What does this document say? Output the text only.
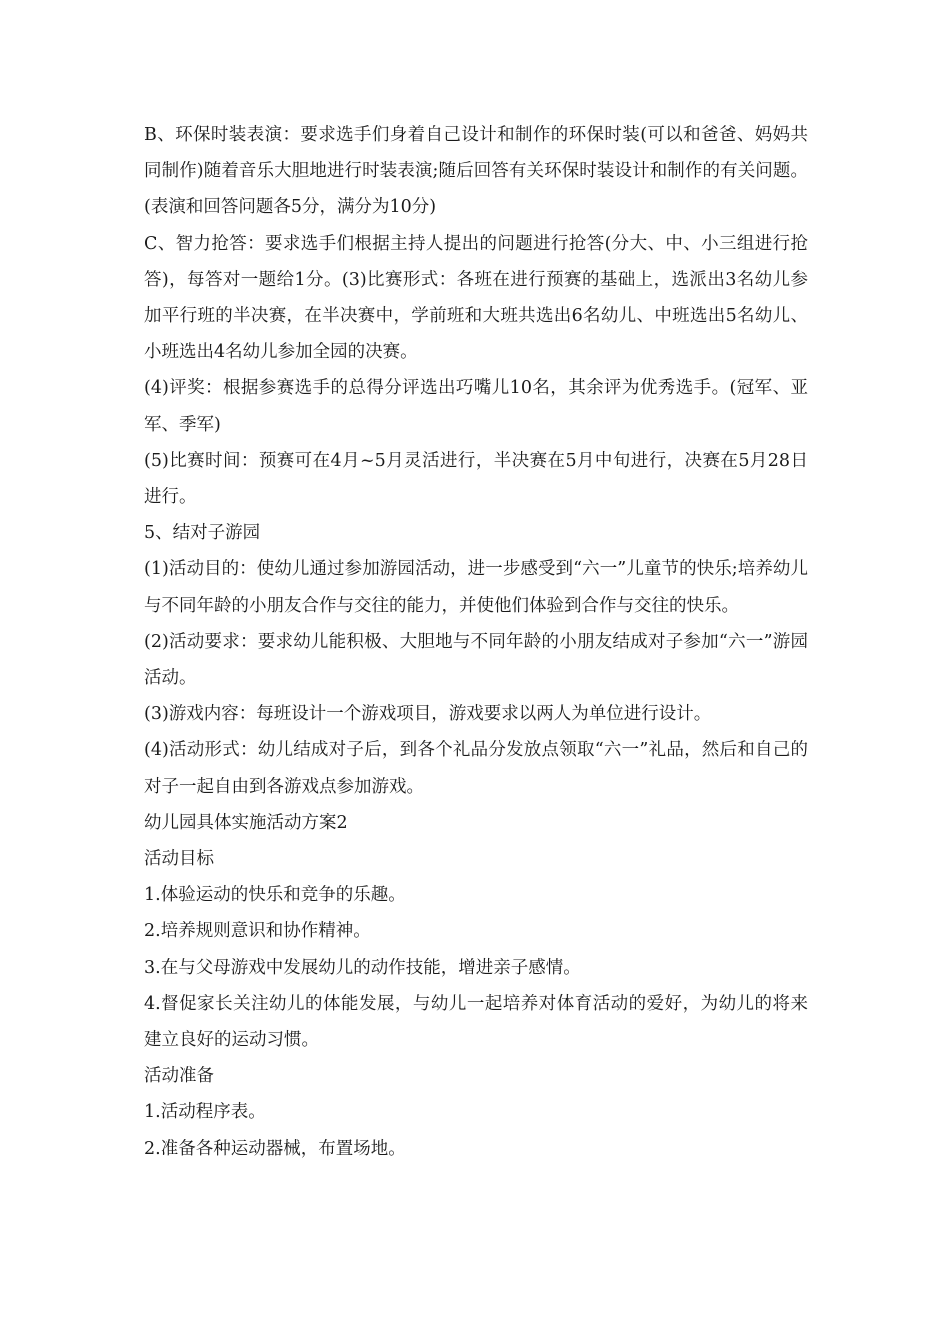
B、环保时装表演：要求选手们身着自己设计和制作的环保时装(可以和爸爸、妈妈共同制作)随着音乐大胆地进行时装表演;随后回答有关环保时装设计和制作的有关问题。(表演和回答问题各5分，满分为10分)

C、智力抢答：要求选手们根据主持人提出的问题进行抢答(分大、中、小三组进行抢答)，每答对一题给1分。(3)比赛形式：各班在进行预赛的基础上，选派出3名幼儿参加平行班的半决赛，在半决赛中，学前班和大班共选出6名幼儿、中班选出5名幼儿、小班选出4名幼儿参加全园的决赛。

(4)评奖：根据参赛选手的总得分评选出巧嘴儿10名，其余评为优秀选手。(冠军、亚军、季军)

(5)比赛时间：预赛可在4月~5月灵活进行，半决赛在5月中旬进行，决赛在5月28日进行。

5、结对子游园

(1)活动目的：使幼儿通过参加游园活动，进一步感受到“六一”儿童节的快乐;培养幼儿与不同年龄的小朋友合作与交往的能力，并使他们体验到合作与交往的快乐。

(2)活动要求：要求幼儿能积极、大胆地与不同年龄的小朋友结成对子参加“六一”游园活动。

(3)游戏内容：每班设计一个游戏项目，游戏要求以两人为单位进行设计。

(4)活动形式：幼儿结成对子后，到各个礼品分发放点领取“六一”礼品，然后和自己的对子一起自由到各游戏点参加游戏。

幼儿园具体实施活动方案2

活动目标

1.体验运动的快乐和竞争的乐趣。

2.培养规则意识和协作精神。

3.在与父母游戏中发展幼儿的动作技能，增进亲子感情。

4.督促家长关注幼儿的体能发展，与幼儿一起培养对体育活动的爱好，为幼儿的将来建立良好的运动习惯。

活动准备

1.活动程序表。

2.准备各种运动器械，布置场地。
